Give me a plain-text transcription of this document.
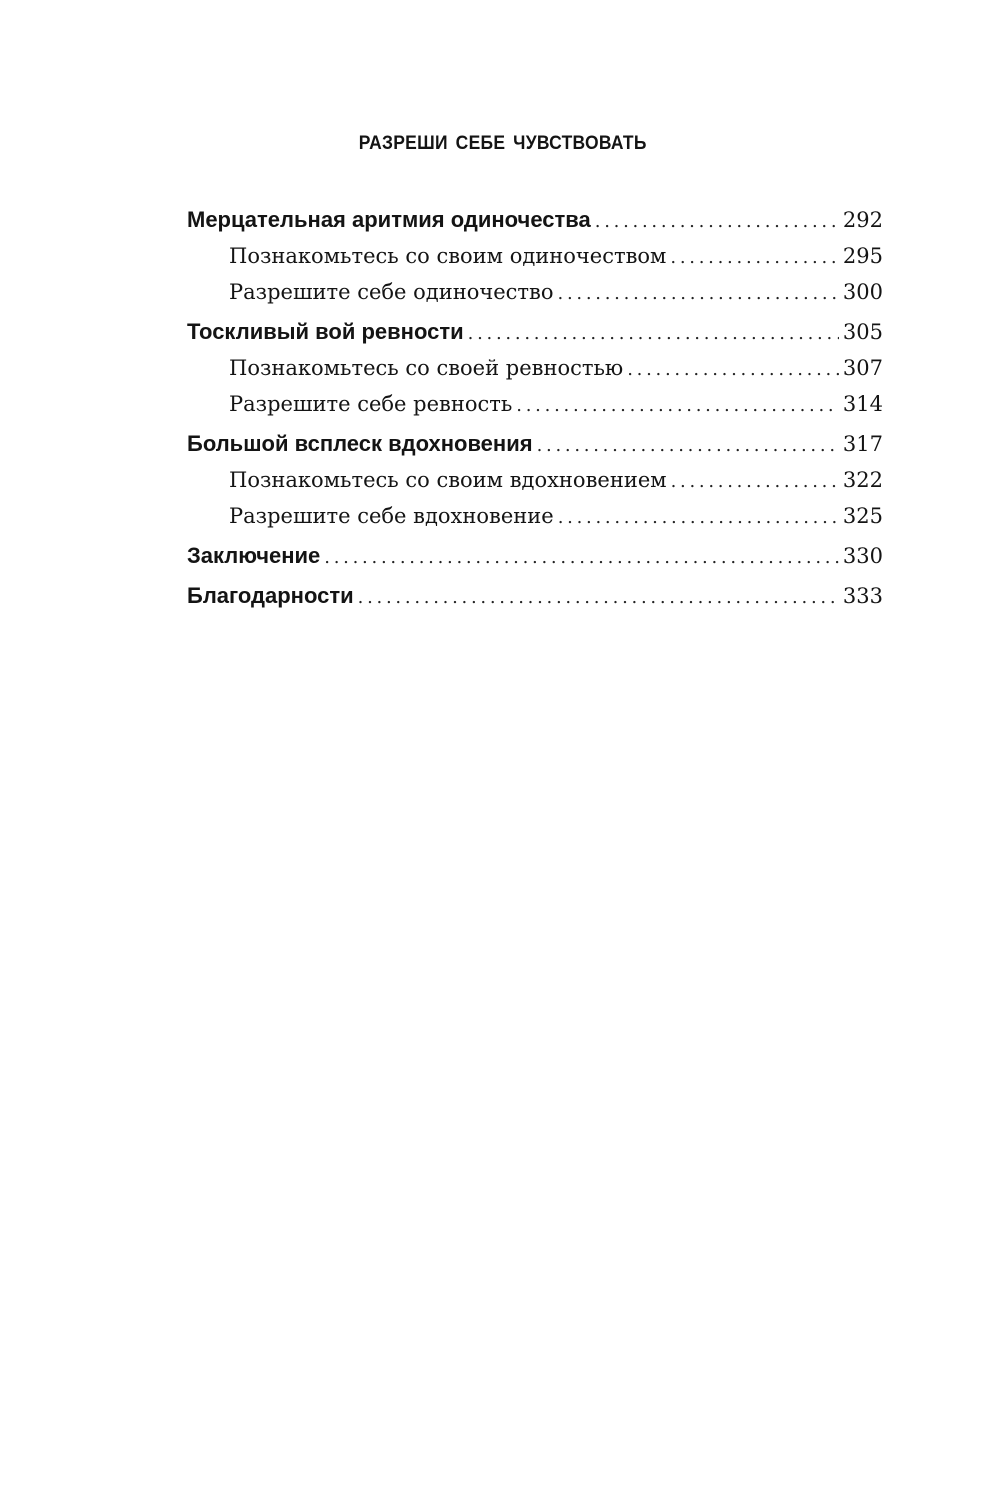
РАЗРЕШИ СЕБЕ ЧУВСТВОВАТЬ
Мерцательная аритмия одиночества . . .	292
Познакомьтесь со своим одиночеством . . .	295
Разрешите себе одиночество . . .	300
Тоскливый вой ревности . . .	305
Познакомьтесь со своей ревностью . . .	307
Разрешите себе ревность . . .	314
Большой всплеск вдохновения . . .	317
Познакомьтесь со своим вдохновением . . .	322
Разрешите себе вдохновение . . .	325
Заключение . . .	330
Благодарности . . .	333
